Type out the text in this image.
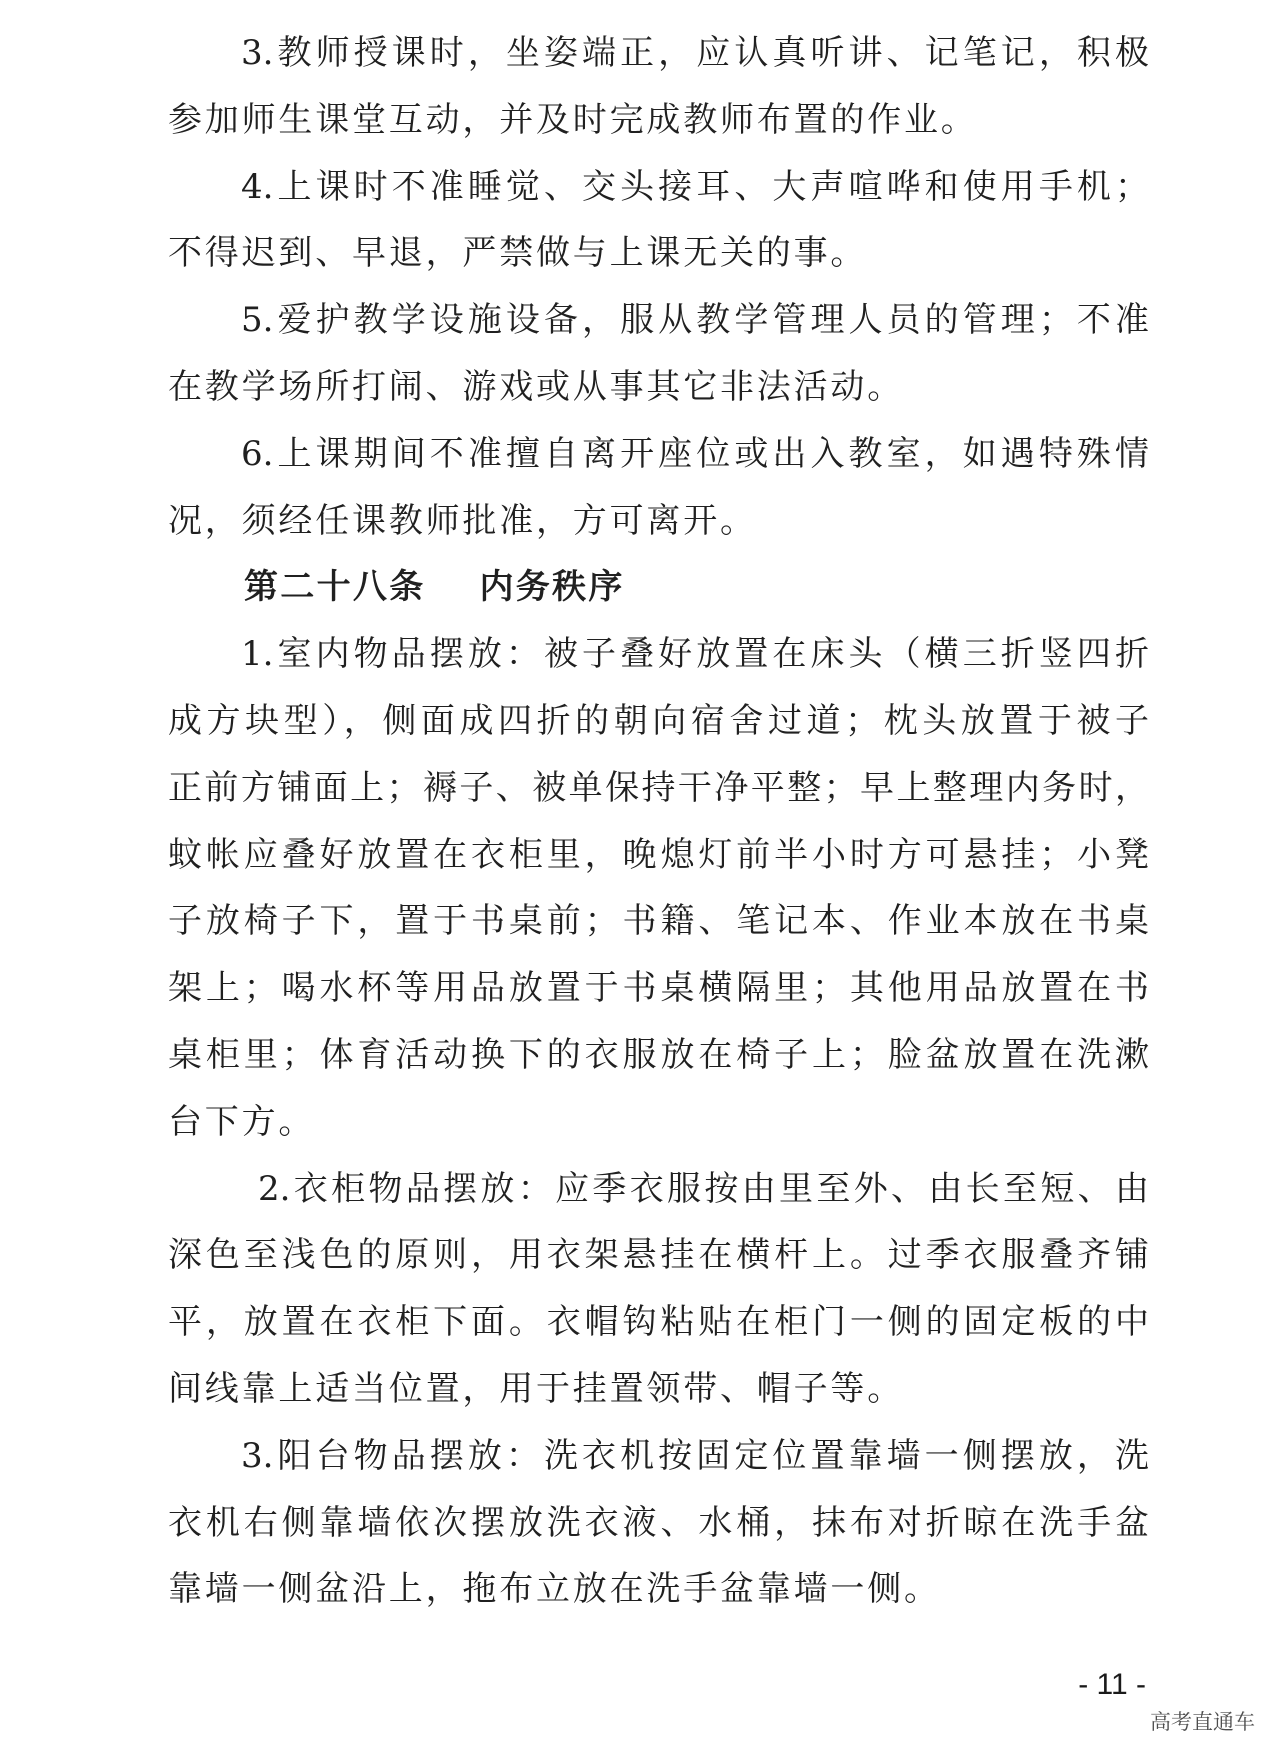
3.教师授课时，坐姿端正，应认真听讲、记笔记，积极
参加师生课堂互动，并及时完成教师布置的作业。
4.上课时不准睡觉、交头接耳、大声喧哗和使用手机；
不得迟到、早退，严禁做与上课无关的事。
5.爱护教学设施设备，服从教学管理人员的管理；不准
在教学场所打闹、游戏或从事其它非法活动。
6.上课期间不准擅自离开座位或出入教室，如遇特殊情
况，须经任课教师批准，方可离开。
第二十八条 内务秩序
1.室内物品摆放：被子叠好放置在床头（横三折竖四折
成方块型），侧面成四折的朝向宿舍过道；枕头放置于被子
正前方铺面上；褥子、被单保持干净平整；早上整理内务时，
蚊帐应叠好放置在衣柜里，晚熄灯前半小时方可悬挂；小凳
子放椅子下，置于书桌前；书籍、笔记本、作业本放在书桌
架上；喝水杯等用品放置于书桌横隔里；其他用品放置在书
桌柜里；体育活动换下的衣服放在椅子上；脸盆放置在洗漱
台下方。
2.衣柜物品摆放：应季衣服按由里至外、由长至短、由
深色至浅色的原则，用衣架悬挂在横杆上。过季衣服叠齐铺
平，放置在衣柜下面。衣帽钩粘贴在柜门一侧的固定板的中
间线靠上适当位置，用于挂置领带、帽子等。
3.阳台物品摆放：洗衣机按固定位置靠墙一侧摆放，洗
衣机右侧靠墙依次摆放洗衣液、水桶，抹布对折晾在洗手盆
靠墙一侧盆沿上，拖布立放在洗手盆靠墙一侧。
- 11 -
高考直通车
